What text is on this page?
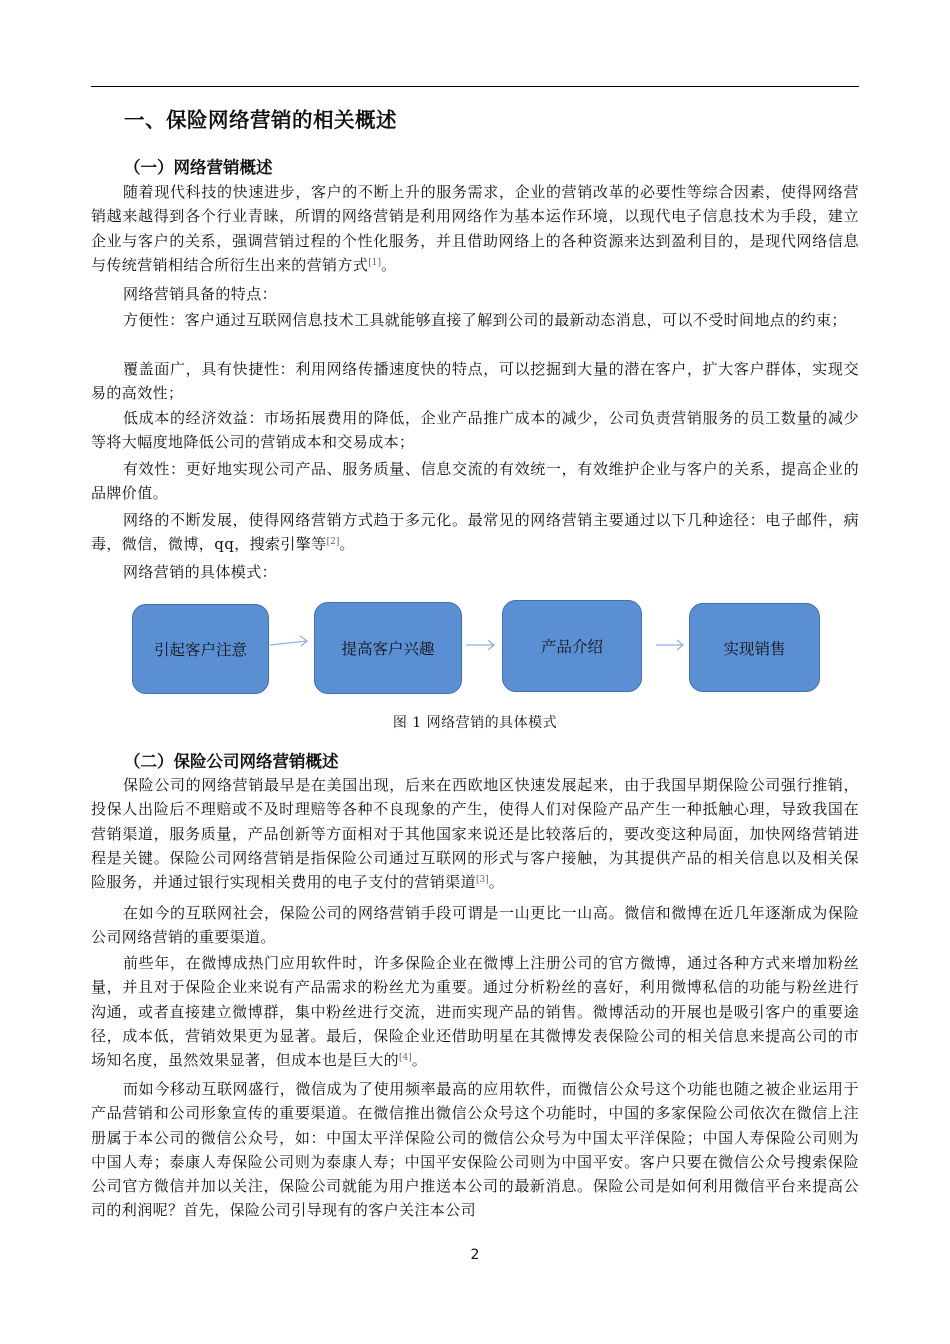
一、保险网络营销的相关概述
（一）网络营销概述

随着现代科技的快速进步，客户的不断上升的服务需求，企业的营销改革的必要性等综合因素，使得网络营销越来越得到各个行业青睐，所谓的网络营销是利用网络作为基本运作环境，以现代电子信息技术为手段，建立企业与客户的关系，强调营销过程的个性化服务，并且借助网络上的各种资源来达到盈利目的，是现代网络信息与传统营销相结合所衍生出来的营销方式[1]。

网络营销具备的特点：

方便性：客户通过互联网信息技术工具就能够直接了解到公司的最新动态消息，可以不受时间地点的约束；

覆盖面广，具有快捷性：利用网络传播速度快的特点，可以挖掘到大量的潜在客户，扩大客户群体，实现交易的高效性；

低成本的经济效益：市场拓展费用的降低，企业产品推广成本的减少，公司负责营销服务的员工数量的减少等将大幅度地降低公司的营销成本和交易成本；

有效性：更好地实现公司产品、服务质量、信息交流的有效统一，有效维护企业与客户的关系，提高企业的品牌价值。

网络的不断发展，使得网络营销方式趋于多元化。最常见的网络营销主要通过以下几种途径：电子邮件，病毒，微信，微博，qq，搜索引擎等[2]。

网络营销的具体模式：

引起客户注意	提高客户兴趣	产品介绍	实现销售

图 1 网络营销的具体模式

（二）保险公司网络营销概述

保险公司的网络营销最早是在美国出现，后来在西欧地区快速发展起来，由于我国早期保险公司强行推销，投保人出险后不理赔或不及时理赔等各种不良现象的产生，使得人们对保险产品产生一种抵触心理，导致我国在营销渠道，服务质量，产品创新等方面相对于其他国家来说还是比较落后的，要改变这种局面，加快网络营销进程是关键。保险公司网络营销是指保险公司通过互联网的形式与客户接触，为其提供产品的相关信息以及相关保险服务，并通过银行实现相关费用的电子支付的营销渠道[3]。

在如今的互联网社会，保险公司的网络营销手段可谓是一山更比一山高。微信和微博在近几年逐渐成为保险公司网络营销的重要渠道。

前些年，在微博成热门应用软件时，许多保险企业在微博上注册公司的官方微博，通过各种方式来增加粉丝量，并且对于保险企业来说有产品需求的粉丝尤为重要。通过分析粉丝的喜好，利用微博私信的功能与粉丝进行沟通，或者直接建立微博群，集中粉丝进行交流，进而实现产品的销售。微博活动的开展也是吸引客户的重要途径，成本低，营销效果更为显著。最后，保险企业还借助明星在其微博发表保险公司的相关信息来提高公司的市场知名度，虽然效果显著，但成本也是巨大的[4]。

而如今移动互联网盛行，微信成为了使用频率最高的应用软件，而微信公众号这个功能也随之被企业运用于产品营销和公司形象宣传的重要渠道。在微信推出微信公众号这个功能时，中国的多家保险公司依次在微信上注册属于本公司的微信公众号，如：中国太平洋保险公司的微信公众号为中国太平洋保险；中国人寿保险公司则为中国人寿；泰康人寿保险公司则为泰康人寿；中国平安保险公司则为中国平安。客户只要在微信公众号搜索保险公司官方微信并加以关注，保险公司就能为用户推送本公司的最新消息。保险公司是如何利用微信平台来提高公司的利润呢？首先，保险公司引导现有的客户关注本公司

2
